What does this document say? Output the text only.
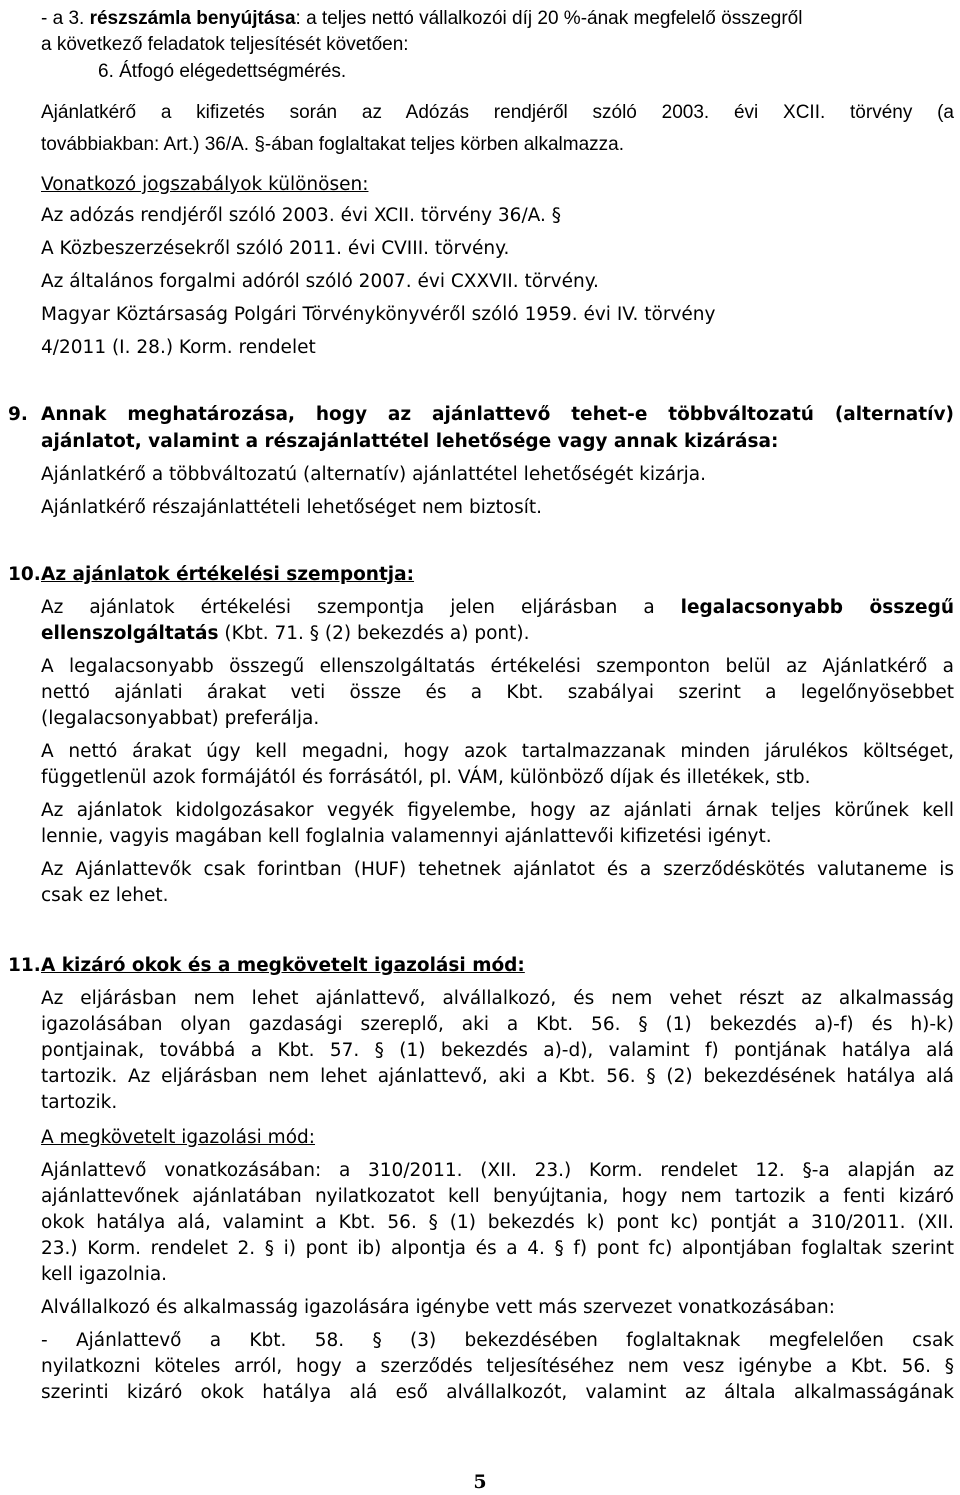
- a 3. részszámla benyújtása: a teljes nettó vállalkozói díj 20 %-ának megfelelő összegről
a következő feladatok teljesítését követően:
6. Átfogó elégedettségmérés.
Ajánlatkérő a kifizetés során az Adózás rendjéről szóló 2003. évi XCII. törvény (a
továbbiakban: Art.) 36/A. §-ában foglaltakat teljes körben alkalmazza.
Vonatkozó jogszabályok különösen:
Az adózás rendjéről szóló 2003. évi XCII. törvény 36/A. §
A Közbeszerzésekről szóló 2011. évi CVIII. törvény.
Az általános forgalmi adóról szóló 2007. évi CXXVII. törvény.
Magyar Köztársaság Polgári Törvénykönyvéről szóló 1959. évi IV. törvény
4/2011 (I. 28.) Korm. rendelet
9. Annak meghatározása, hogy az ajánlattevő tehet-e többváltozatú (alternatív)
ajánlatot, valamint a részajánlattétel lehetősége vagy annak kizárása:
Ajánlatkérő a többváltozatú (alternatív) ajánlattétel lehetőségét kizárja.
Ajánlatkérő részajánlattételi lehetőséget nem biztosít.
10. Az ajánlatok értékelési szempontja:
Az ajánlatok értékelési szempontja jelen eljárásban a legalacsonyabb összegű
ellenszolgáltatás (Kbt. 71. § (2) bekezdés a) pont).
A legalacsonyabb összegű ellenszolgáltatás értékelési szemponton belül az Ajánlatkérő a
nettó ajánlati árakat veti össze és a Kbt. szabályai szerint a legelőnyösebbet
(legalacsonyabbat) preferálja.
A nettó árakat úgy kell megadni, hogy azok tartalmazzanak minden járulékos költséget,
függetlenül azok formájától és forrásától, pl. VÁM, különböző díjak és illetékek, stb.
Az ajánlatok kidolgozásakor vegyék figyelembe, hogy az ajánlati árnak teljes körűnek kell
lennie, vagyis magában kell foglalnia valamennyi ajánlattevői kifizetési igényt.
Az Ajánlattevők csak forintban (HUF) tehetnek ajánlatot és a szerződéskötés valutaneme is
csak ez lehet.
11. A kizáró okok és a megkövetelt igazolási mód:
Az eljárásban nem lehet ajánlattevő, alvállalkozó, és nem vehet részt az alkalmasság
igazolásában olyan gazdasági szereplő, aki a Kbt. 56. § (1) bekezdés a)-f) és h)-k)
pontjainak, továbbá a Kbt. 57. § (1) bekezdés a)-d), valamint f) pontjának hatálya alá
tartozik. Az eljárásban nem lehet ajánlattevő, aki a Kbt. 56. § (2) bekezdésének hatálya alá
tartozik.
A megkövetelt igazolási mód:
Ajánlattevő vonatkozásában: a 310/2011. (XII. 23.) Korm. rendelet 12. §-a alapján az
ajánlattevőnek ajánlatában nyilatkozatot kell benyújtania, hogy nem tartozik a fenti kizáró
okok hatálya alá, valamint a Kbt. 56. § (1) bekezdés k) pont kc) pontját a 310/2011. (XII.
23.) Korm. rendelet 2. § i) pont ib) alpontja és a 4. § f) pont fc) alpontjában foglaltak szerint
kell igazolnia.
Alvállalkozó és alkalmasság igazolására igénybe vett más szervezet vonatkozásában:
- Ajánlattevő a Kbt. 58. § (3) bekezdésében foglaltaknak megfelelően csak
nyilatkozni köteles arról, hogy a szerződés teljesítéséhez nem vesz igénybe a Kbt. 56. §
szerinti kizáró okok hatálya alá eső alvállalkozót, valamint az általa alkalmasságának
5
